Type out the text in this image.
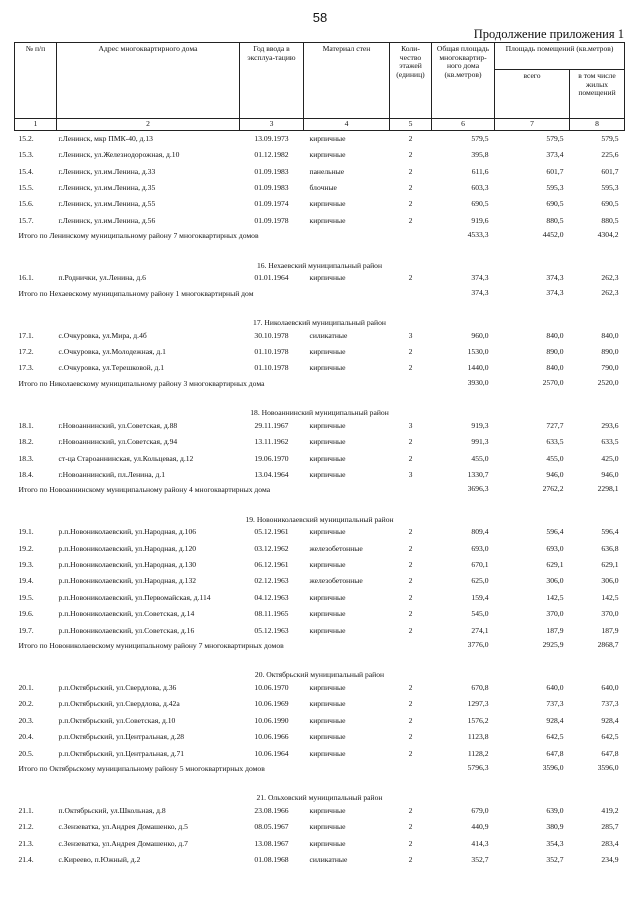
58
Продолжение приложения 1
№ п/п	Адрес многоквартирного дома	Год ввода в эксплуа-тацию	Материал стен	Коли-чество этажей (единиц)	Общая площадь многоквартир-ного дома (кв.метров)	Площадь помещений (кв.метров)	
						всего	в том числе жилых помещений
1	2	3	4	5	6	7	8
15.2.	г.Ленинск, мкр ПМК-40, д.13	13.09.1973	кирпичные	2	579,5	579,5	579,5
15.3.	г.Ленинск, ул.Железнодорожная, д.10	01.12.1982	кирпичные	2	395,8	373,4	225,6
15.4.	г.Ленинск, ул.им.Ленина, д.33	01.09.1983	панельные	2	611,6	601,7	601,7
15.5.	г.Ленинск, ул.им.Ленина, д.35	01.09.1983	блочные	2	603,3	595,3	595,3
15.6.	г.Ленинск, ул.им.Ленина, д.55	01.09.1974	кирпичные	2	690,5	690,5	690,5
15.7.	г.Ленинск, ул.им.Ленина, д.56	01.09.1978	кирпичные	2	919,6	880,5	880,5
Итого по Ленинскому муниципальному району 7 многоквартирных домов					4533,3	4452,0	4304,2
16. Нехаевский муниципальный район							
16.1.	п.Роднички, ул.Ленина, д.6	01.01.1964	кирпичные	2	374,3	374,3	262,3
Итого по Нехаевскому муниципальному району 1 многоквартирный дом					374,3	374,3	262,3
17. Николаевский муниципальный район							
17.1.	с.Очкуровка, ул.Мира, д.4б	30.10.1978	силикатные	3	960,0	840,0	840,0
17.2.	с.Очкуровка, ул.Молодежная, д.1	01.10.1978	кирпичные	2	1530,0	890,0	890,0
17.3.	с.Очкуровка, ул.Терешковой, д.1	01.10.1978	кирпичные	2	1440,0	840,0	790,0
Итого по Николаевскому муниципальному району 3 многоквартирных дома					3930,0	2570,0	2520,0
18. Новоаннинский муниципальный район							
18.1.	г.Новоаннинский, ул.Советская, д.88	29.11.1967	кирпичные	3	919,3	727,7	293,6
18.2.	г.Новоаннинский, ул.Советская, д.94	13.11.1962	кирпичные	2	991,3	633,5	633,5
18.3.	ст-ца Староаннинская, ул.Кольцевая, д.12	19.06.1970	кирпичные	2	455,0	455,0	425,0
18.4.	г.Новоаннинский, пл.Ленина, д.1	13.04.1964	кирпичные	3	1330,7	946,0	946,0
Итого по Новоаннинскому муниципальному району 4 многоквартирных дома					3696,3	2762,2	2298,1
19. Новониколаевский муниципальный район							
19.1.	р.п.Новониколаевский, ул.Народная, д.106	05.12.1961	кирпичные	2	809,4	596,4	596,4
19.2.	р.п.Новониколаевский, ул.Народная, д.120	03.12.1962	железобетонные	2	693,0	693,0	636,8
19.3.	р.п.Новониколаевский, ул.Народная, д.130	06.12.1961	кирпичные	2	670,1	629,1	629,1
19.4.	р.п.Новониколаевский, ул.Народная, д.132	02.12.1963	железобетонные	2	625,0	306,0	306,0
19.5.	р.п.Новониколаевский, ул.Первомайская, д.114	04.12.1963	кирпичные	2	159,4	142,5	142,5
19.6.	р.п.Новониколаевский, ул.Советская, д.14	08.11.1965	кирпичные	2	545,0	370,0	370,0
19.7.	р.п.Новониколаевский, ул.Советская, д.16	05.12.1963	кирпичные	2	274,1	187,9	187,9
Итого по Новониколаевскому муниципальному району 7 многоквартирных домов					3776,0	2925,9	2868,7
20. Октябрьский муниципальный район							
20.1.	р.п.Октябрьский, ул.Свердлова, д.36	10.06.1970	кирпичные	2	670,8	640,0	640,0
20.2.	р.п.Октябрьский, ул.Свердлова, д.42а	10.06.1969	кирпичные	2	1297,3	737,3	737,3
20.3.	р.п.Октябрьский, ул.Советская, д.10	10.06.1990	кирпичные	2	1576,2	928,4	928,4
20.4.	р.п.Октябрьский, ул.Центральная, д.28	10.06.1966	кирпичные	2	1123,8	642,5	642,5
20.5.	р.п.Октябрьский, ул.Центральная, д.71	10.06.1964	кирпичные	2	1128,2	647,8	647,8
Итого по Октябрьскому муниципальному району 5 многоквартирных домов					5796,3	3596,0	3596,0
21. Ольховский муниципальный район							
21.1.	п.Октябрьский, ул.Школьная, д.8	23.08.1966	кирпичные	2	679,0	639,0	419,2
21.2.	с.Зензеватка, ул.Андрея Домашенко, д.5	08.05.1967	кирпичные	2	440,9	380,9	285,7
21.3.	с.Зензеватка, ул.Андрея Домашенко, д.7	13.08.1967	кирпичные	2	414,3	354,3	283,4
21.4.	с.Киреево, п.Южный, д.2	01.08.1968	силикатные	2	352,7	352,7	234,9
